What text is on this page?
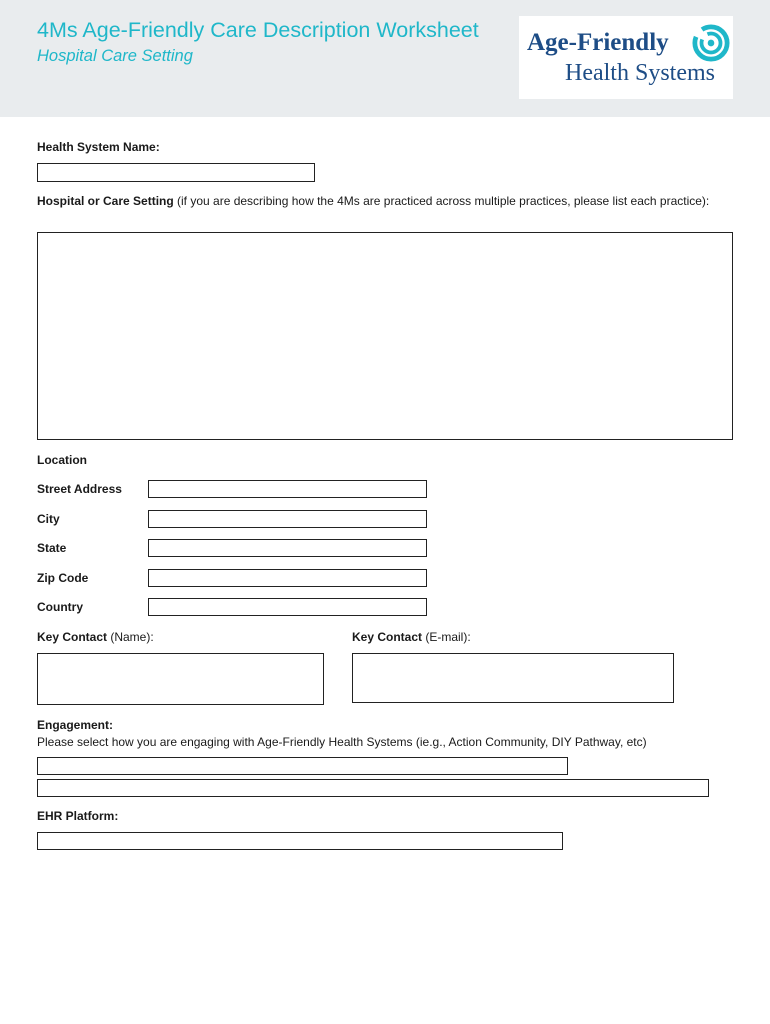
4Ms Age-Friendly Care Description Worksheet
Hospital Care Setting	Age-Friendly
Health Systems
Health System Name:
Hospital or Care Setting (if you are describing how the 4Ms are practiced across multiple practices, please list each practice):
Location
Street Address
City
State
Zip Code
Country
Key Contact (Name):	Key Contact (E-mail):
Engagement:
Please select how you are engaging with Age-Friendly Health Systems (ie.g., Action Community, DIY Pathway, etc)
EHR Platform:
